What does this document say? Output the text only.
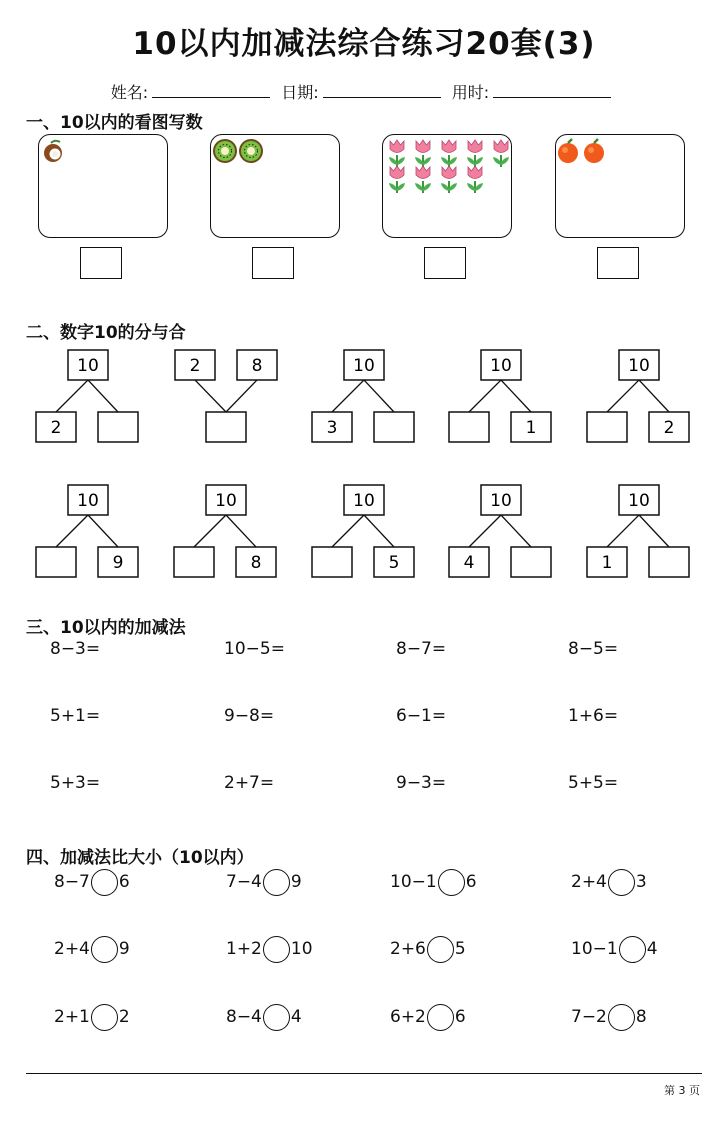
10以内加减法综合练习20套(3)
姓名:	日期:	用时:
一、10以内的看图写数
二、数字10的分与合
10
2
2	8	10
3
10
1
10
2
10
9
10
8
10
5
10
4
10
1
三、10以内的加减法
8−3=	10−5=	8−7=	8−5=
5+1=	9−8=	6−1=	1+6=
5+3=	2+7=	9−3=	5+5=
四、加减法比大小（10以内）
8−7 6	7−4 9	10−1 6	2+4 3
2+4 9	1+2 10	2+6 5	10−1 4
2+1 2	8−4 4	6+2 6	7−2 8
第 3 页
